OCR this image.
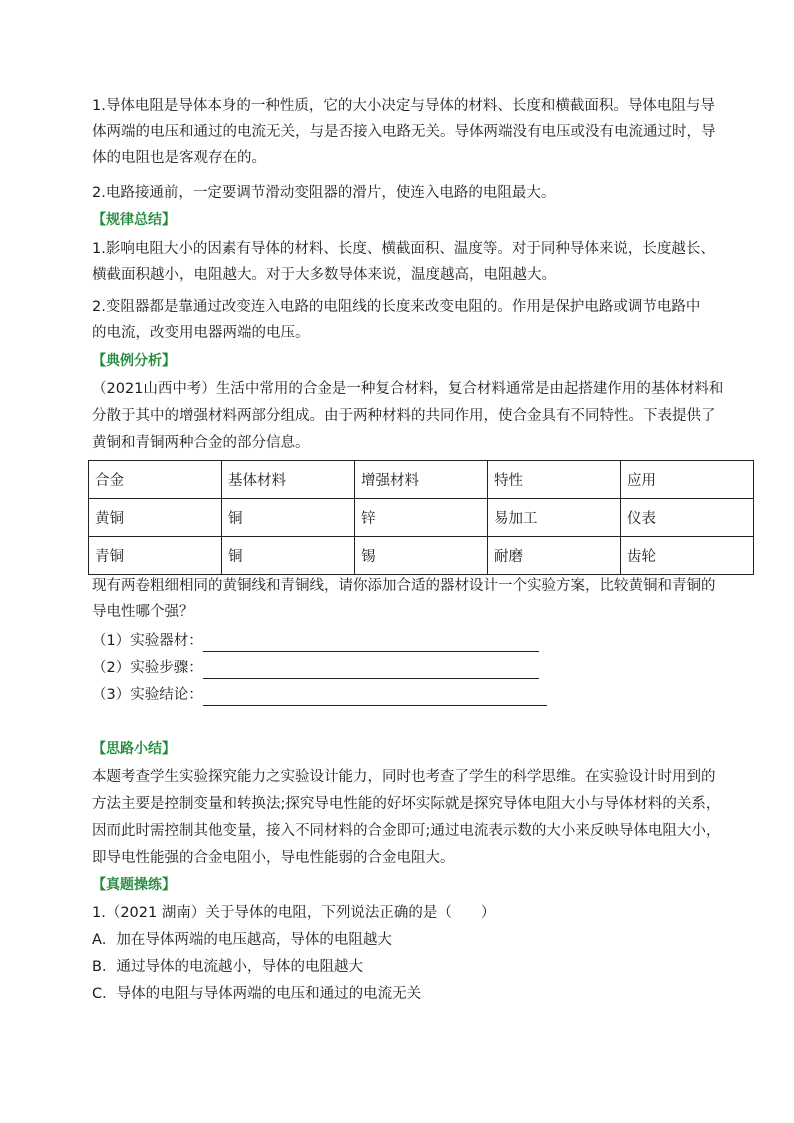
1.导体电阻是导体本身的一种性质，它的大小决定与导体的材料、长度和横截面积。导体电阻与导
体两端的电压和通过的电流无关，与是否接入电路无关。导体两端没有电压或没有电流通过时，导
体的电阻也是客观存在的。
2.电路接通前，一定要调节滑动变阻器的滑片，使连入电路的电阻最大。
【规律总结】
1.影响电阻大小的因素有导体的材料、长度、横截面积、温度等。对于同种导体来说，长度越长、
横截面积越小，电阻越大。对于大多数导体来说，温度越高，电阻越大。
2.变阻器都是靠通过改变连入电路的电阻线的长度来改变电阻的。作用是保护电路或调节电路中
的电流，改变用电器两端的电压。
【典例分析】
（2021山西中考）生活中常用的合金是一种复合材料，复合材料通常是由起搭建作用的基体材料和
分散于其中的增强材料两部分组成。由于两种材料的共同作用，使合金具有不同特性。下表提供了
黄铜和青铜两种合金的部分信息。
合金	基体材料	增强材料	特性	应用
黄铜	铜	锌	易加工	仪表
青铜	铜	锡	耐磨	齿轮
现有两卷粗细相同的黄铜线和青铜线，请你添加合适的器材设计一个实验方案，比较黄铜和青铜的
导电性哪个强？
（1）实验器材：
（2）实验步骤：
（3）实验结论：
【思路小结】
本题考查学生实验探究能力之实验设计能力，同时也考查了学生的科学思维。在实验设计时用到的
方法主要是控制变量和转换法;探究导电性能的好坏实际就是探究导体电阻大小与导体材料的关系，
因而此时需控制其他变量，接入不同材料的合金即可;通过电流表示数的大小来反映导体电阻大小，
即导电性能强的合金电阻小，导电性能弱的合金电阻大。
【真题操练】
1.（2021 湖南）关于导体的电阻，下列说法正确的是（　　）
A．加在导体两端的电压越高，导体的电阻越大
B．通过导体的电流越小，导体的电阻越大
C．导体的电阻与导体两端的电压和通过的电流无关
